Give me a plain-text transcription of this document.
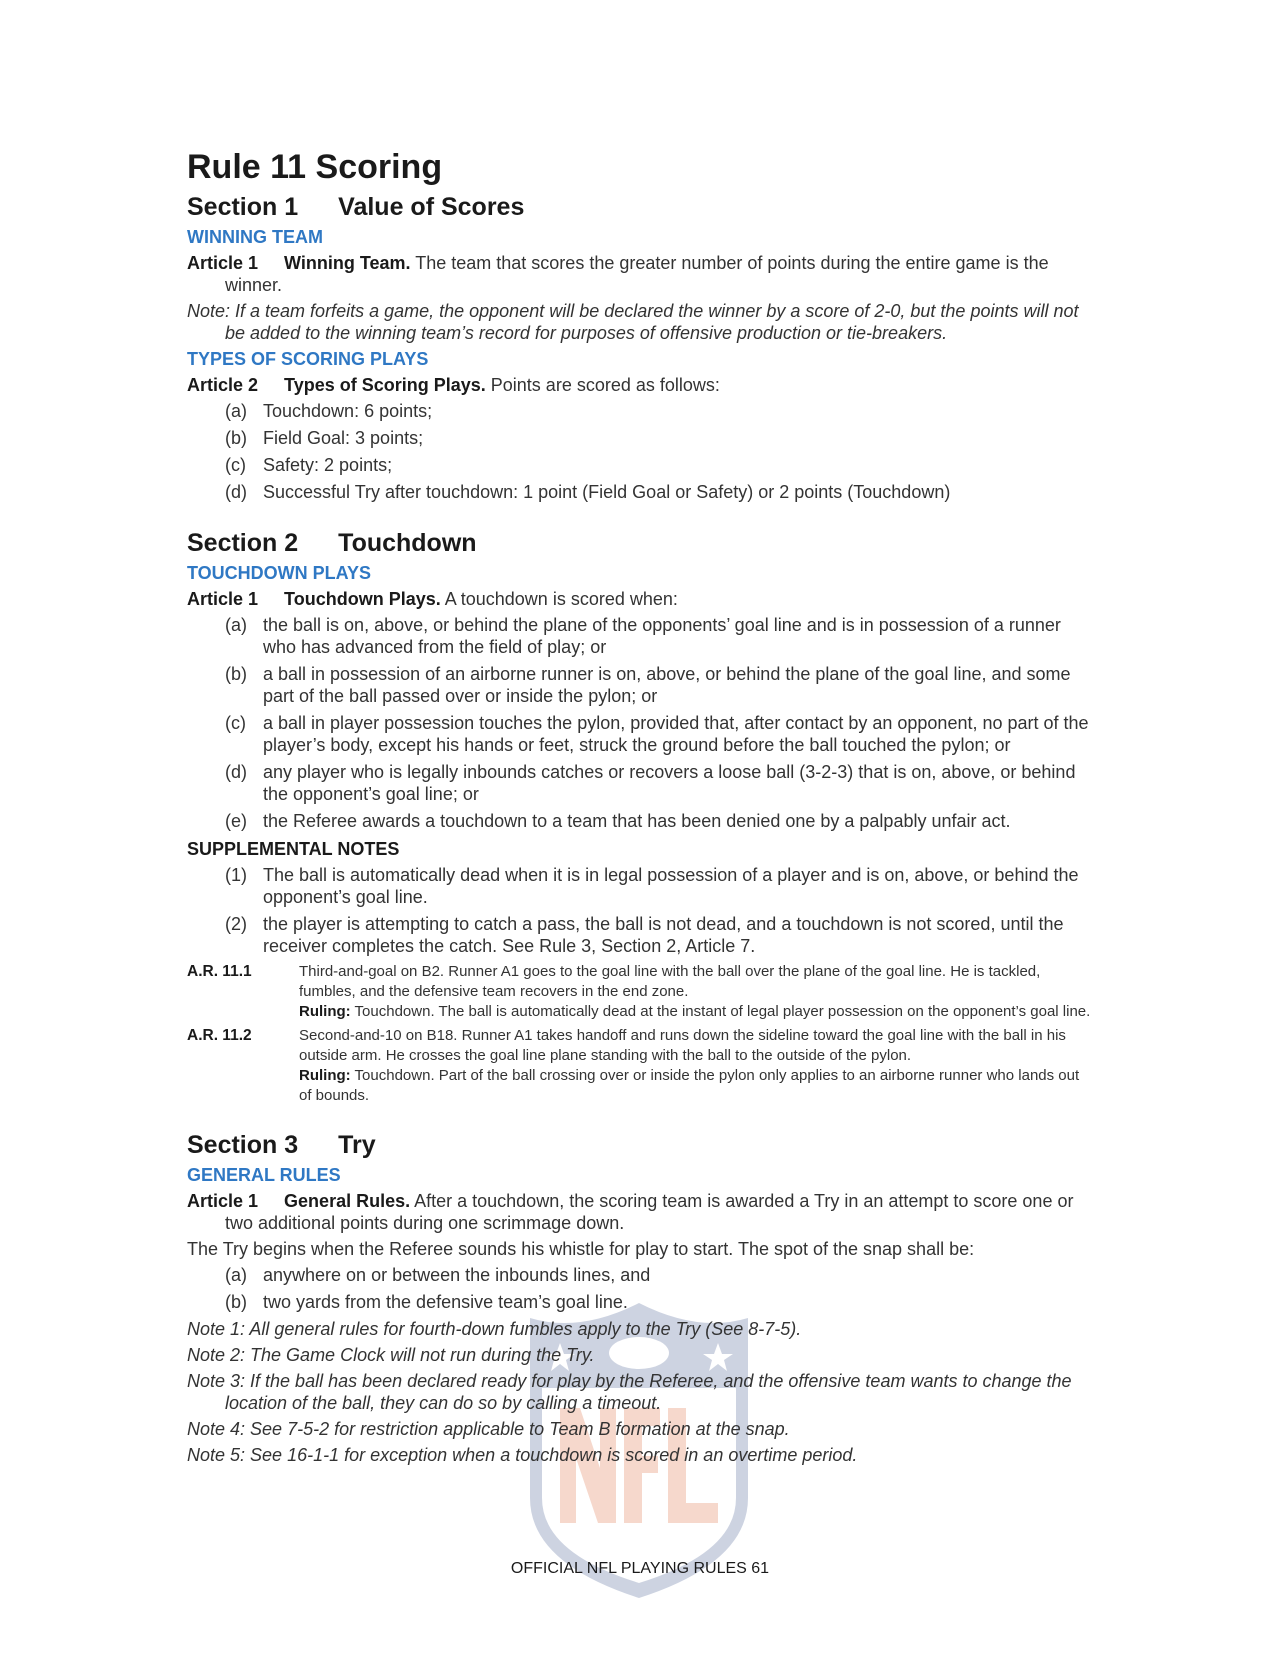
Rule 11 Scoring
Section 1 Value of Scores
WINNING TEAM
Article 1 Winning Team. The team that scores the greater number of points during the entire game is the winner.
Note: If a team forfeits a game, the opponent will be declared the winner by a score of 2-0, but the points will not be added to the winning team’s record for purposes of offensive production or tie-breakers.
TYPES OF SCORING PLAYS
Article 2 Types of Scoring Plays. Points are scored as follows:
(a) Touchdown: 6 points;
(b) Field Goal: 3 points;
(c) Safety: 2 points;
(d) Successful Try after touchdown: 1 point (Field Goal or Safety) or 2 points (Touchdown)
Section 2 Touchdown
TOUCHDOWN PLAYS
Article 1 Touchdown Plays. A touchdown is scored when:
(a) the ball is on, above, or behind the plane of the opponents’ goal line and is in possession of a runner who has advanced from the field of play; or
(b) a ball in possession of an airborne runner is on, above, or behind the plane of the goal line, and some part of the ball passed over or inside the pylon; or
(c) a ball in player possession touches the pylon, provided that, after contact by an opponent, no part of the player’s body, except his hands or feet, struck the ground before the ball touched the pylon; or
(d) any player who is legally inbounds catches or recovers a loose ball (3-2-3) that is on, above, or behind the opponent’s goal line; or
(e) the Referee awards a touchdown to a team that has been denied one by a palpably unfair act.
SUPPLEMENTAL NOTES
(1) The ball is automatically dead when it is in legal possession of a player and is on, above, or behind the opponent’s goal line.
(2) the player is attempting to catch a pass, the ball is not dead, and a touchdown is not scored, until the receiver completes the catch. See Rule 3, Section 2, Article 7.
A.R. 11.1	Third-and-goal on B2. Runner A1 goes to the goal line with the ball over the plane of the goal line. He is tackled, fumbles, and the defensive team recovers in the end zone.
Ruling: Touchdown. The ball is automatically dead at the instant of legal player possession on the opponent’s goal line.
A.R. 11.2	Second-and-10 on B18. Runner A1 takes handoff and runs down the sideline toward the goal line with the ball in his outside arm. He crosses the goal line plane standing with the ball to the outside of the pylon.
Ruling: Touchdown. Part of the ball crossing over or inside the pylon only applies to an airborne runner who lands out of bounds.
Section 3 Try
GENERAL RULES
Article 1 General Rules. After a touchdown, the scoring team is awarded a Try in an attempt to score one or two additional points during one scrimmage down.
The Try begins when the Referee sounds his whistle for play to start. The spot of the snap shall be:
(a) anywhere on or between the inbounds lines, and
(b) two yards from the defensive team’s goal line.
Note 1: All general rules for fourth-down fumbles apply to the Try (See 8-7-5).
Note 2: The Game Clock will not run during the Try.
Note 3: If the ball has been declared ready for play by the Referee, and the offensive team wants to change the location of the ball, they can do so by calling a timeout.
Note 4: See 7-5-2 for restriction applicable to Team B formation at the snap.
Note 5: See 16-1-1 for exception when a touchdown is scored in an overtime period.
OFFICIAL NFL PLAYING RULES 61
